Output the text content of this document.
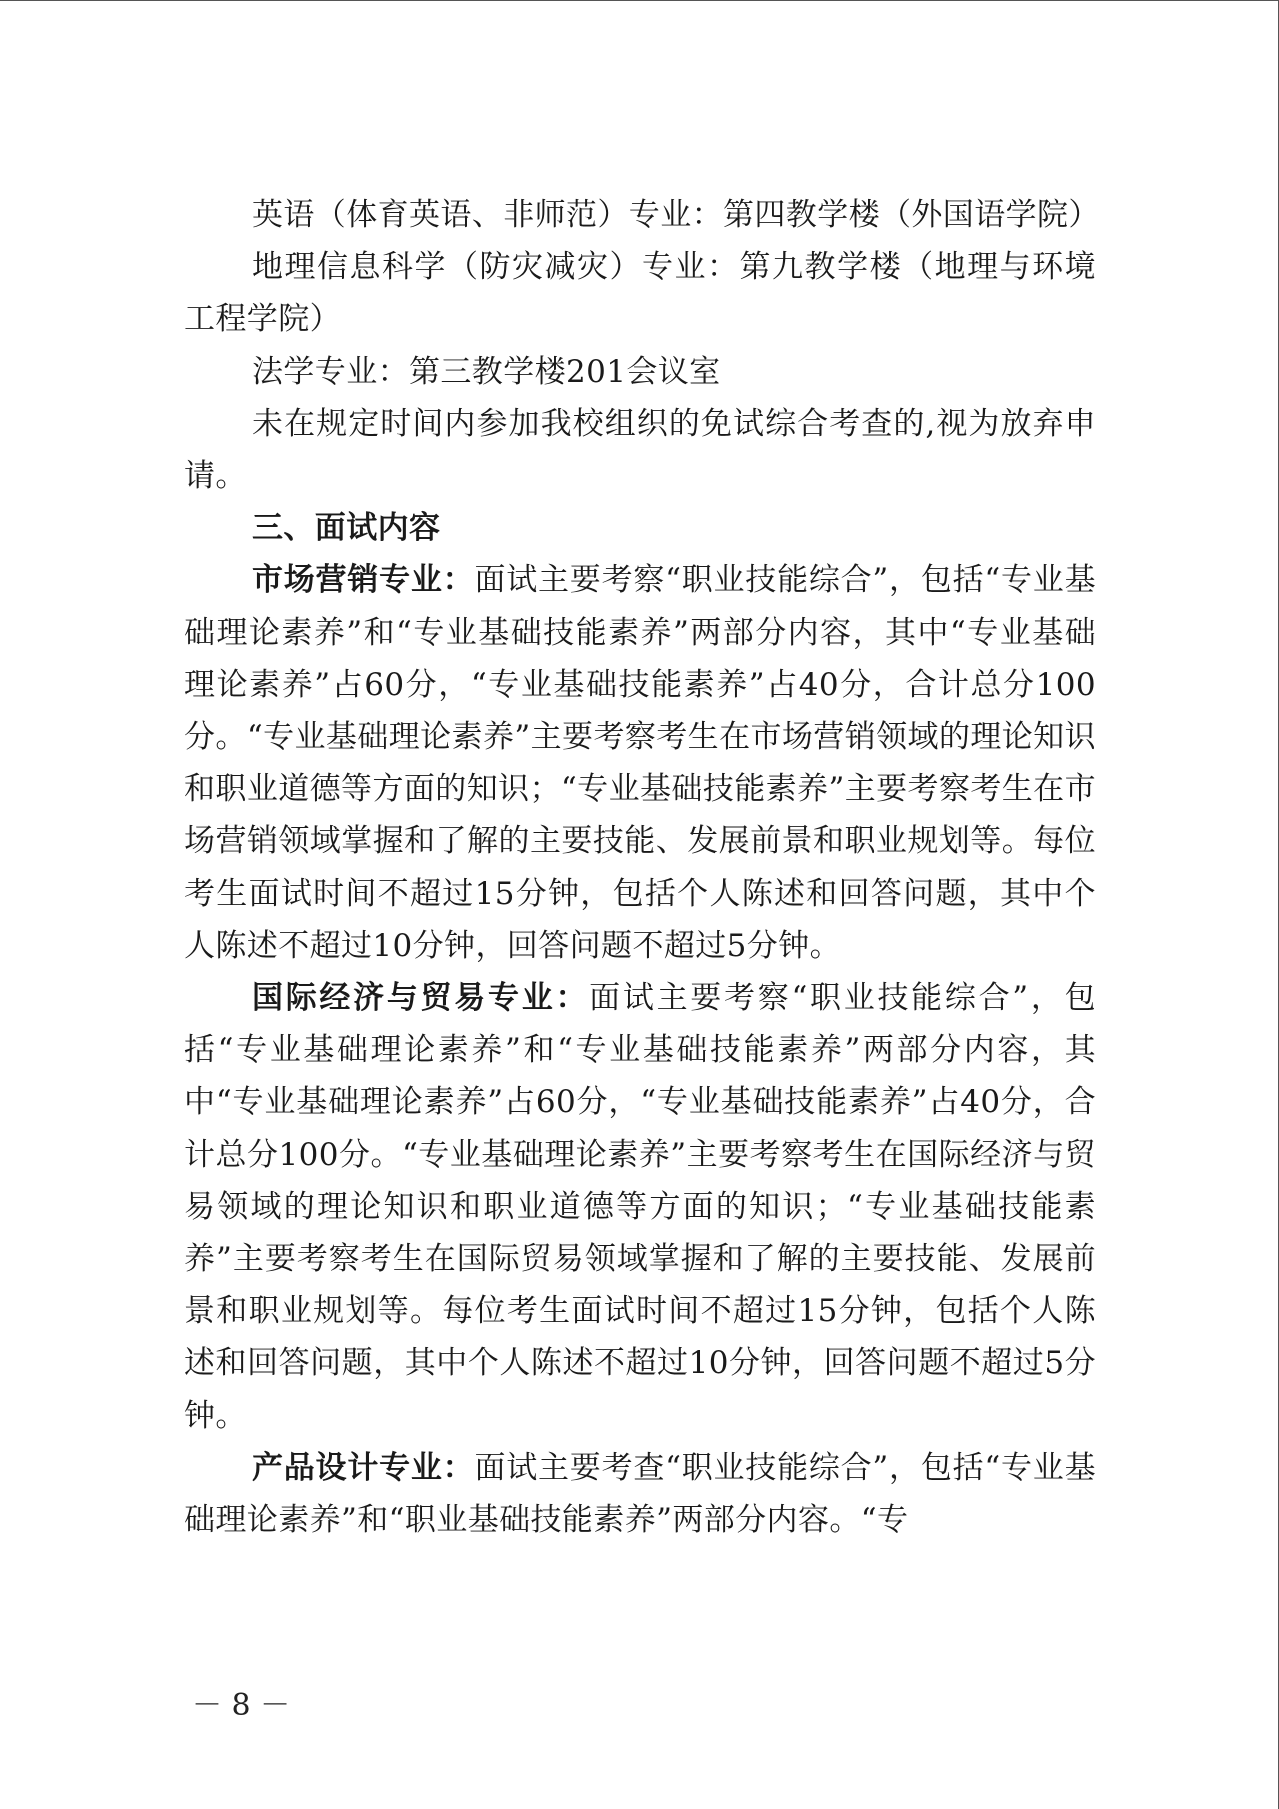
英语（体育英语、非师范）专业：第四教学楼（外国语学院）

地理信息科学（防灾减灾）专业：第九教学楼（地理与环境工程学院）

法学专业：第三教学楼201会议室

未在规定时间内参加我校组织的免试综合考查的,视为放弃申请。

三、面试内容

市场营销专业：面试主要考察“职业技能综合”，包括“专业基础理论素养”和“专业基础技能素养”两部分内容，其中“专业基础理论素养”占60分，“专业基础技能素养”占40分，合计总分100分。“专业基础理论素养”主要考察考生在市场营销领域的理论知识和职业道德等方面的知识；“专业基础技能素养”主要考察考生在市场营销领域掌握和了解的主要技能、发展前景和职业规划等。每位考生面试时间不超过15分钟，包括个人陈述和回答问题，其中个人陈述不超过10分钟，回答问题不超过5分钟。

国际经济与贸易专业：面试主要考察“职业技能综合”，包括“专业基础理论素养”和“专业基础技能素养”两部分内容，其中“专业基础理论素养”占60分，“专业基础技能素养”占40分，合计总分100分。“专业基础理论素养”主要考察考生在国际经济与贸易领域的理论知识和职业道德等方面的知识；“专业基础技能素养”主要考察考生在国际贸易领域掌握和了解的主要技能、发展前景和职业规划等。每位考生面试时间不超过15分钟，包括个人陈述和回答问题，其中个人陈述不超过10分钟，回答问题不超过5分钟。

产品设计专业：面试主要考查“职业技能综合”，包括“专业基础理论素养”和“职业基础技能素养”两部分内容。“专

－ 8 －
